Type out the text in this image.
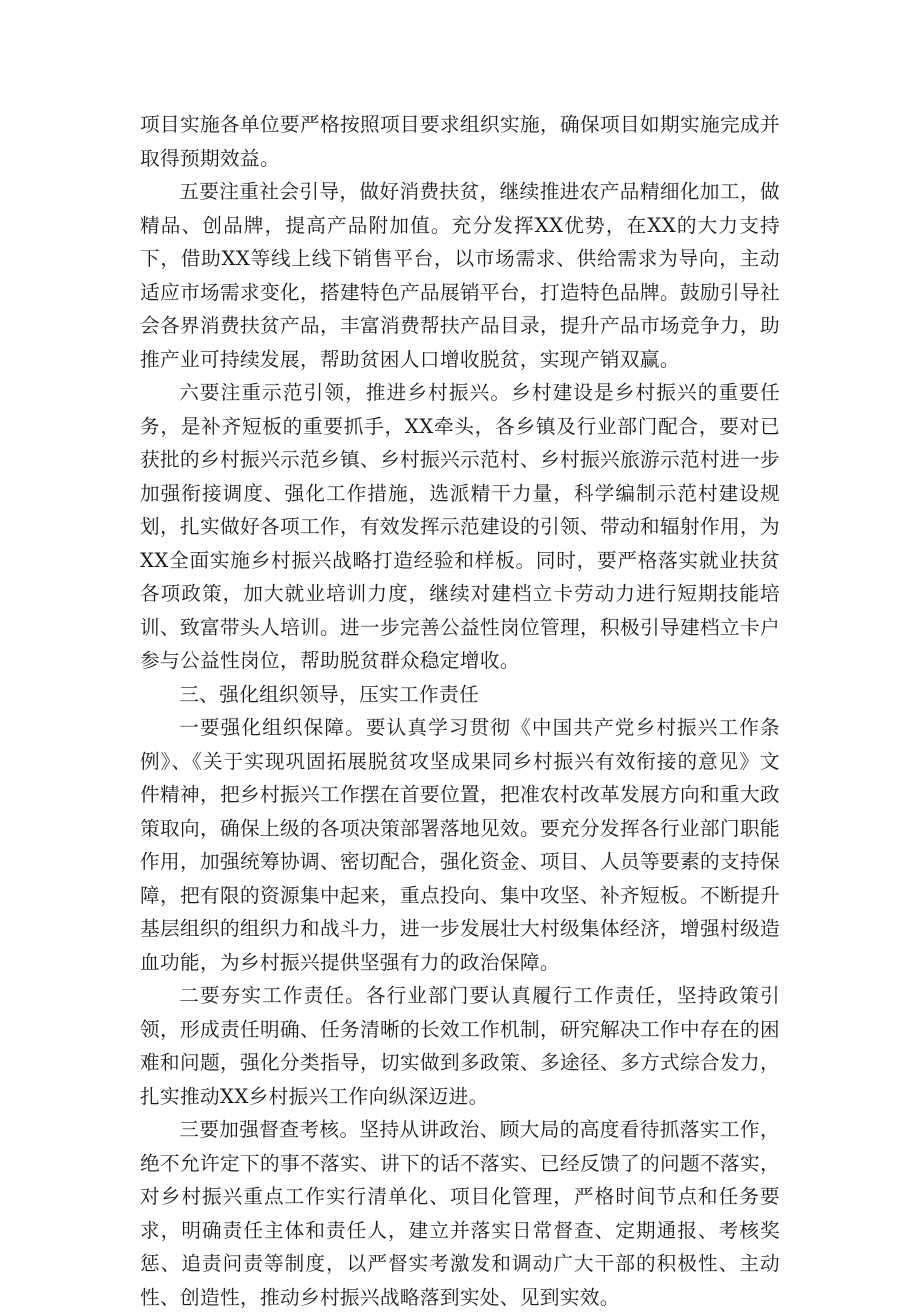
项目实施各单位要严格按照项目要求组织实施，确保项目如期实施完成并取得预期效益。

五要注重社会引导，做好消费扶贫，继续推进农产品精细化加工，做精品、创品牌，提高产品附加值。充分发挥XX优势，在XX的大力支持下，借助XX等线上线下销售平台，以市场需求、供给需求为导向，主动适应市场需求变化，搭建特色产品展销平台，打造特色品牌。鼓励引导社会各界消费扶贫产品，丰富消费帮扶产品目录，提升产品市场竞争力，助推产业可持续发展，帮助贫困人口增收脱贫，实现产销双赢。

六要注重示范引领，推进乡村振兴。乡村建设是乡村振兴的重要任务，是补齐短板的重要抓手，XX牵头，各乡镇及行业部门配合，要对已获批的乡村振兴示范乡镇、乡村振兴示范村、乡村振兴旅游示范村进一步加强衔接调度、强化工作措施，选派精干力量，科学编制示范村建设规划，扎实做好各项工作，有效发挥示范建设的引领、带动和辐射作用，为XX全面实施乡村振兴战略打造经验和样板。同时，要严格落实就业扶贫各项政策，加大就业培训力度，继续对建档立卡劳动力进行短期技能培训、致富带头人培训。进一步完善公益性岗位管理，积极引导建档立卡户参与公益性岗位，帮助脱贫群众稳定增收。

三、强化组织领导，压实工作责任

一要强化组织保障。要认真学习贯彻《中国共产党乡村振兴工作条例》、《关于实现巩固拓展脱贫攻坚成果同乡村振兴有效衔接的意见》文件精神，把乡村振兴工作摆在首要位置，把准农村改革发展方向和重大政策取向，确保上级的各项决策部署落地见效。要充分发挥各行业部门职能作用，加强统筹协调、密切配合，强化资金、项目、人员等要素的支持保障，把有限的资源集中起来，重点投向、集中攻坚、补齐短板。不断提升基层组织的组织力和战斗力，进一步发展壮大村级集体经济，增强村级造血功能，为乡村振兴提供坚强有力的政治保障。

二要夯实工作责任。各行业部门要认真履行工作责任，坚持政策引领，形成责任明确、任务清晰的长效工作机制，研究解决工作中存在的困难和问题，强化分类指导，切实做到多政策、多途径、多方式综合发力，扎实推动XX乡村振兴工作向纵深迈进。

三要加强督查考核。坚持从讲政治、顾大局的高度看待抓落实工作，绝不允许定下的事不落实、讲下的话不落实、已经反馈了的问题不落实，对乡村振兴重点工作实行清单化、项目化管理，严格时间节点和任务要求，明确责任主体和责任人，建立并落实日常督查、定期通报、考核奖惩、追责问责等制度，以严督实考激发和调动广大干部的积极性、主动性、创造性，推动乡村振兴战略落到实处、见到实效。
